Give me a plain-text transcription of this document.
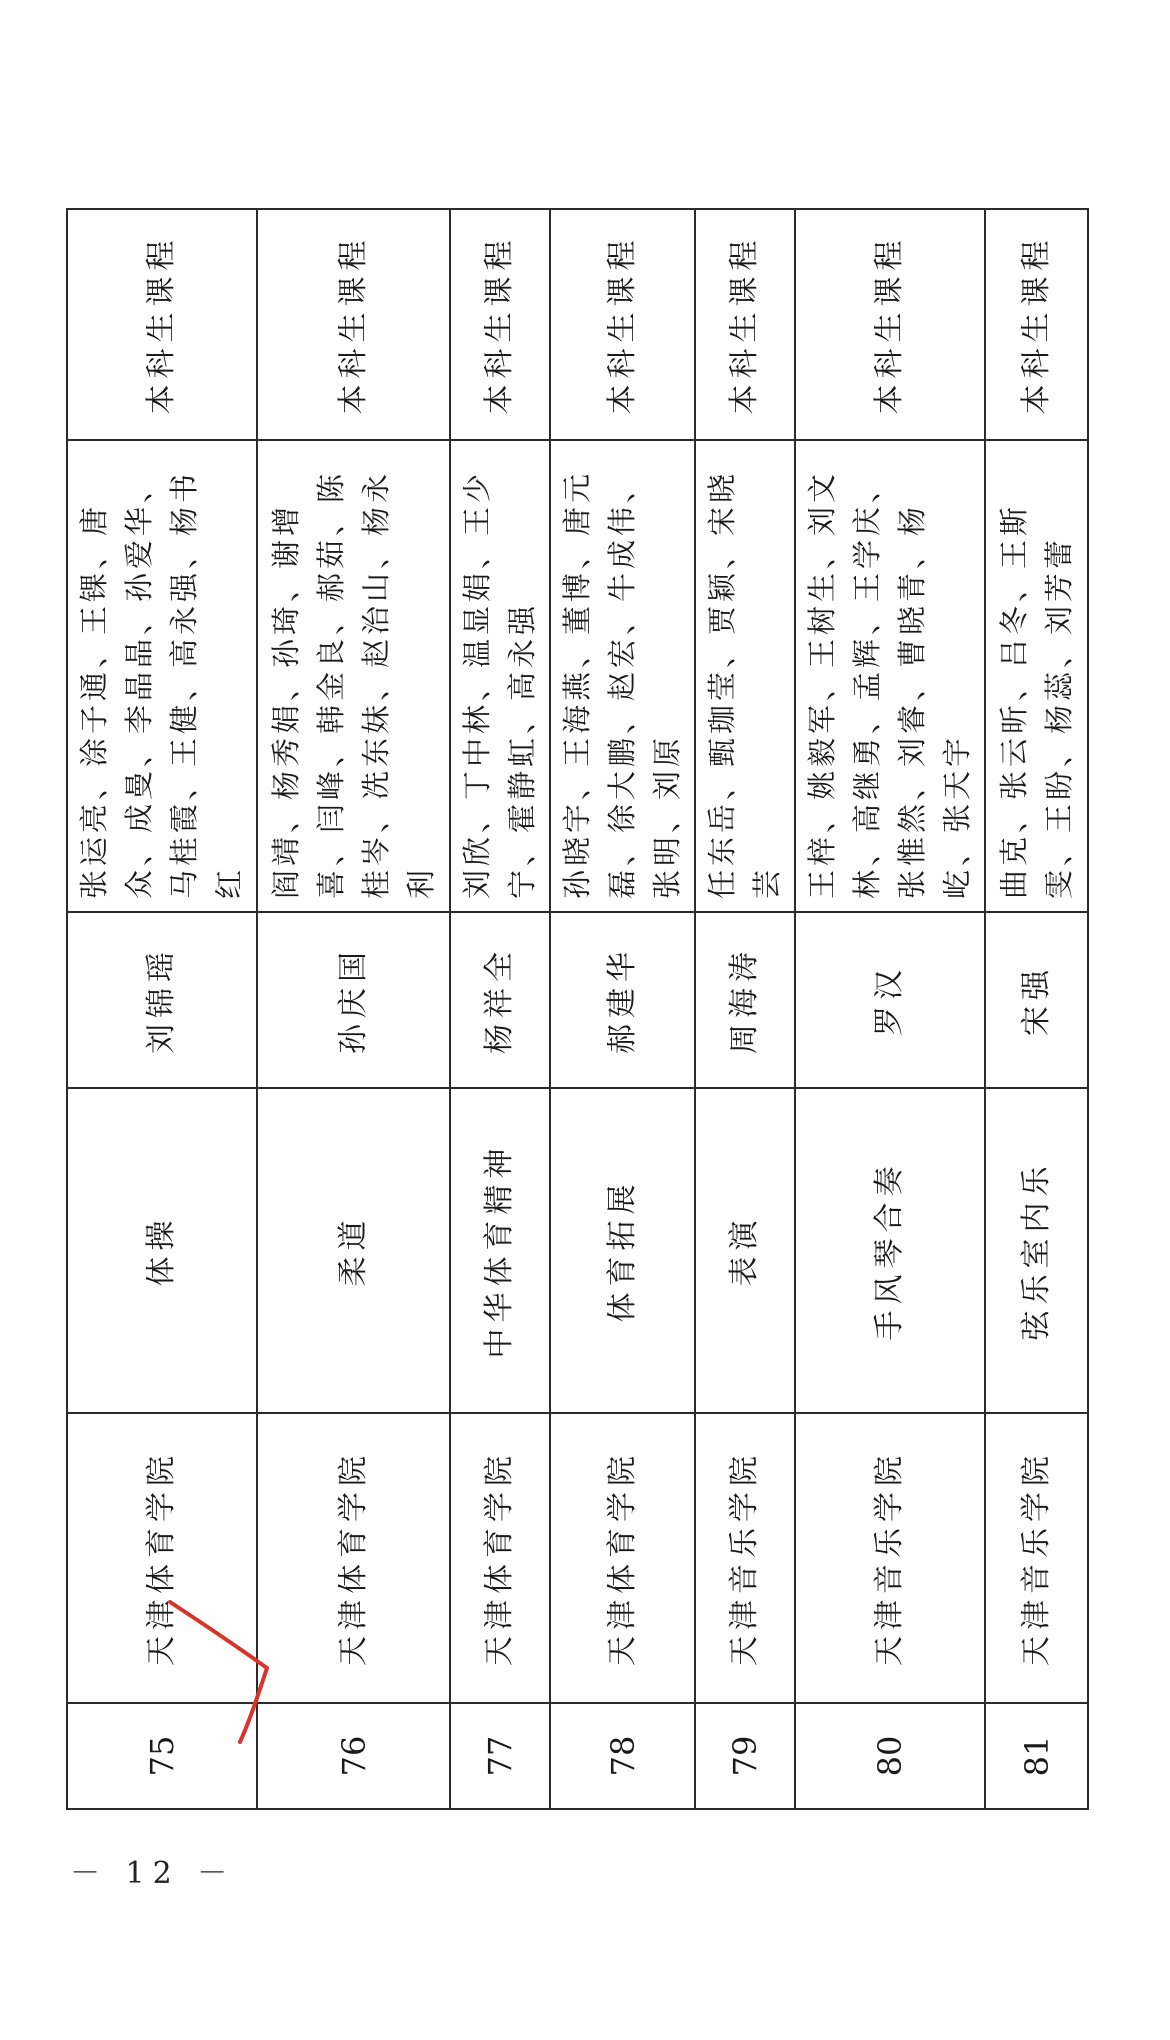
75	天津体育学院	体操	刘锦瑶	张运亮、涂子通、王锞、唐众、成曼、李晶晶、孙爱华、马桂霞、王健、高永强、杨书红	本科生课程
76	天津体育学院	柔道	孙庆国	阎靖、杨秀娟、孙琦、谢增喜、闫峰、韩金良、郝茹、陈桂岑、冼东妹、赵治山、杨永利	本科生课程
77	天津体育学院	中华体育精神	杨祥全	刘欣、丁中林、温显娟、王少宁、霍静虹、高永强	本科生课程
78	天津体育学院	体育拓展	郝建华	孙晓宇、王海燕、董博、唐元磊、徐大鹏、赵宏、牛成伟、张明、刘原	本科生课程
79	天津音乐学院	表演	周海涛	任东岳、甄珈莹、贾颖、宋晓芸	本科生课程
80	天津音乐学院	手风琴合奏	罗汉	王梓、姚毅军、王树生、刘文林、高继勇、孟辉、王学庆、张惟然、刘睿、曹晓青、杨屹、张天宇	本科生课程
81	天津音乐学院	弦乐室内乐	宋强	曲克、张云昕、吕冬、王斯雯、王盼、杨蕊、刘芳蕾	本科生课程
－ 12 －
